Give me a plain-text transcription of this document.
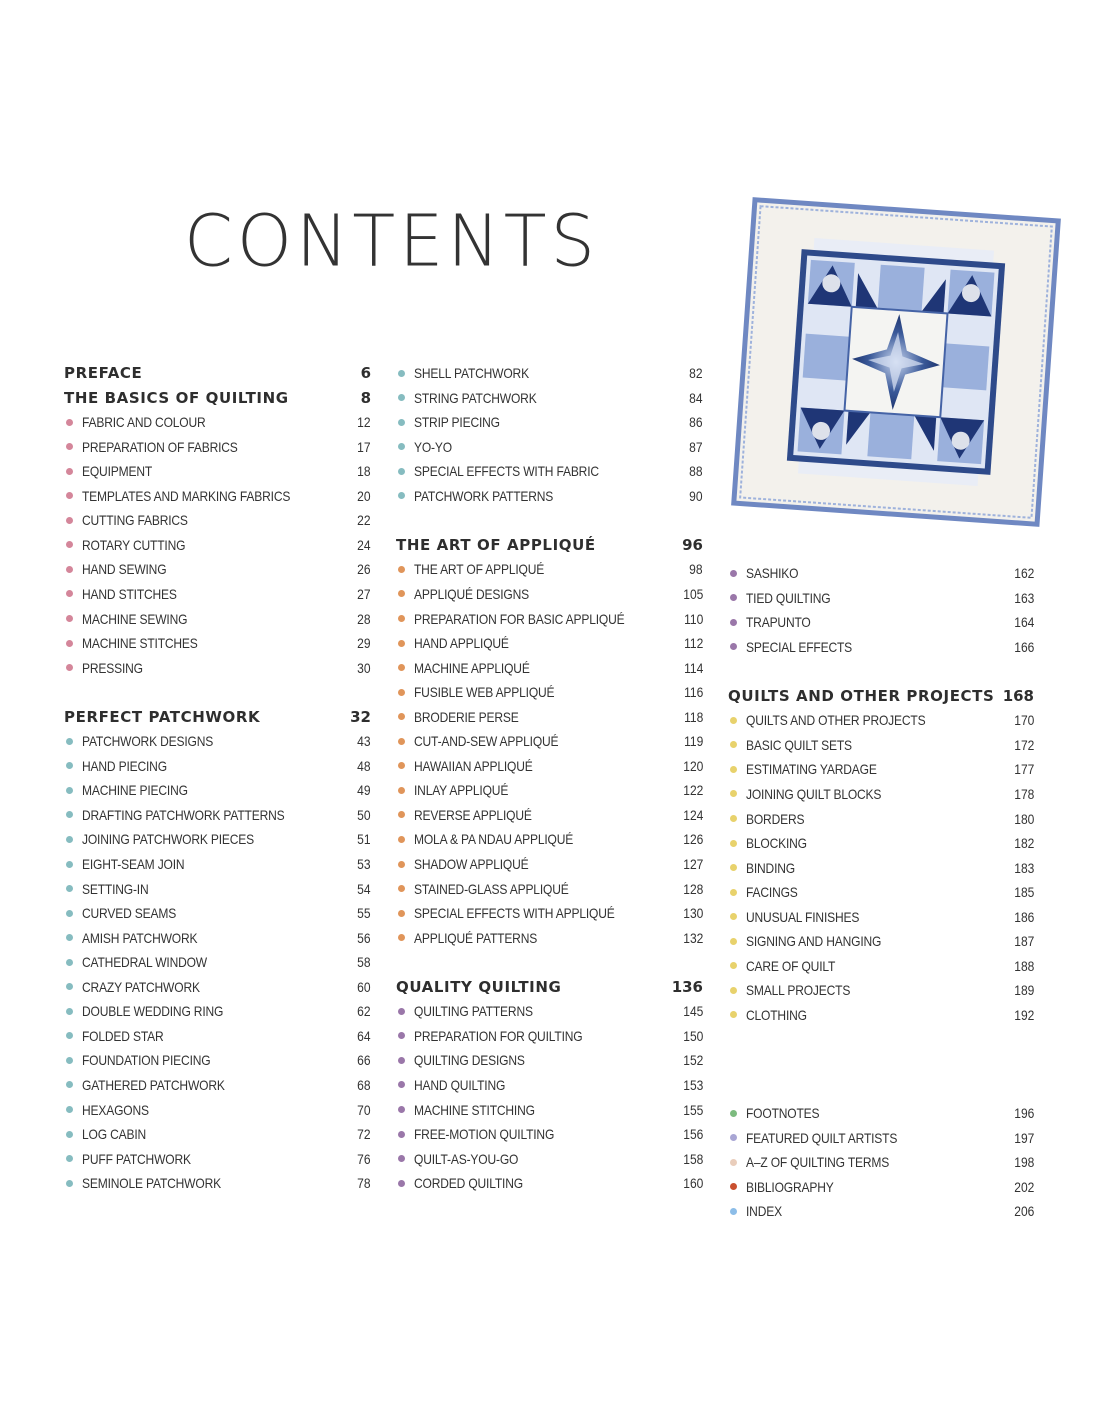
CONTENTS
PREFACE	6
THE BASICS OF QUILTING	8
FABRIC AND COLOUR	12
PREPARATION OF FABRICS	17
EQUIPMENT	18
TEMPLATES AND MARKING FABRICS	20
CUTTING FABRICS	22
ROTARY CUTTING	24
HAND SEWING	26
HAND STITCHES	27
MACHINE SEWING	28
MACHINE STITCHES	29
PRESSING	30
PERFECT PATCHWORK	32
PATCHWORK DESIGNS	43
HAND PIECING	48
MACHINE PIECING	49
DRAFTING PATCHWORK PATTERNS	50
JOINING PATCHWORK PIECES	51
EIGHT-SEAM JOIN	53
SETTING-IN	54
CURVED SEAMS	55
AMISH PATCHWORK	56
CATHEDRAL WINDOW	58
CRAZY PATCHWORK	60
DOUBLE WEDDING RING	62
FOLDED STAR	64
FOUNDATION PIECING	66
GATHERED PATCHWORK	68
HEXAGONS	70
LOG CABIN	72
PUFF PATCHWORK	76
SEMINOLE PATCHWORK	78
SHELL PATCHWORK	82
STRING PATCHWORK	84
STRIP PIECING	86
YO-YO	87
SPECIAL EFFECTS WITH FABRIC	88
PATCHWORK PATTERNS	90
THE ART OF APPLIQUÉ	96
THE ART OF APPLIQUÉ	98
APPLIQUÉ DESIGNS	105
PREPARATION FOR BASIC APPLIQUÉ	110
HAND APPLIQUÉ	112
MACHINE APPLIQUÉ	114
FUSIBLE WEB APPLIQUÉ	116
BRODERIE PERSE	118
CUT-AND-SEW APPLIQUÉ	119
HAWAIIAN APPLIQUÉ	120
INLAY APPLIQUÉ	122
REVERSE APPLIQUÉ	124
MOLA & PA NDAU APPLIQUÉ	126
SHADOW APPLIQUÉ	127
STAINED-GLASS APPLIQUÉ	128
SPECIAL EFFECTS WITH APPLIQUÉ	130
APPLIQUÉ PATTERNS	132
QUALITY QUILTING	136
QUILTING PATTERNS	145
PREPARATION FOR QUILTING	150
QUILTING DESIGNS	152
HAND QUILTING	153
MACHINE STITCHING	155
FREE-MOTION QUILTING	156
QUILT-AS-YOU-GO	158
CORDED QUILTING	160
SASHIKO	162
TIED QUILTING	163
TRAPUNTO	164
SPECIAL EFFECTS	166
QUILTS AND OTHER PROJECTS 168
QUILTS AND OTHER PROJECTS	170
BASIC QUILT SETS	172
ESTIMATING YARDAGE	177
JOINING QUILT BLOCKS	178
BORDERS	180
BLOCKING	182
BINDING	183
FACINGS	185
UNUSUAL FINISHES	186
SIGNING AND HANGING	187
CARE OF QUILT	188
SMALL PROJECTS	189
CLOTHING	192
FOOTNOTES	196
FEATURED QUILT ARTISTS	197
A–Z OF QUILTING TERMS	198
BIBLIOGRAPHY	202
INDEX	206
